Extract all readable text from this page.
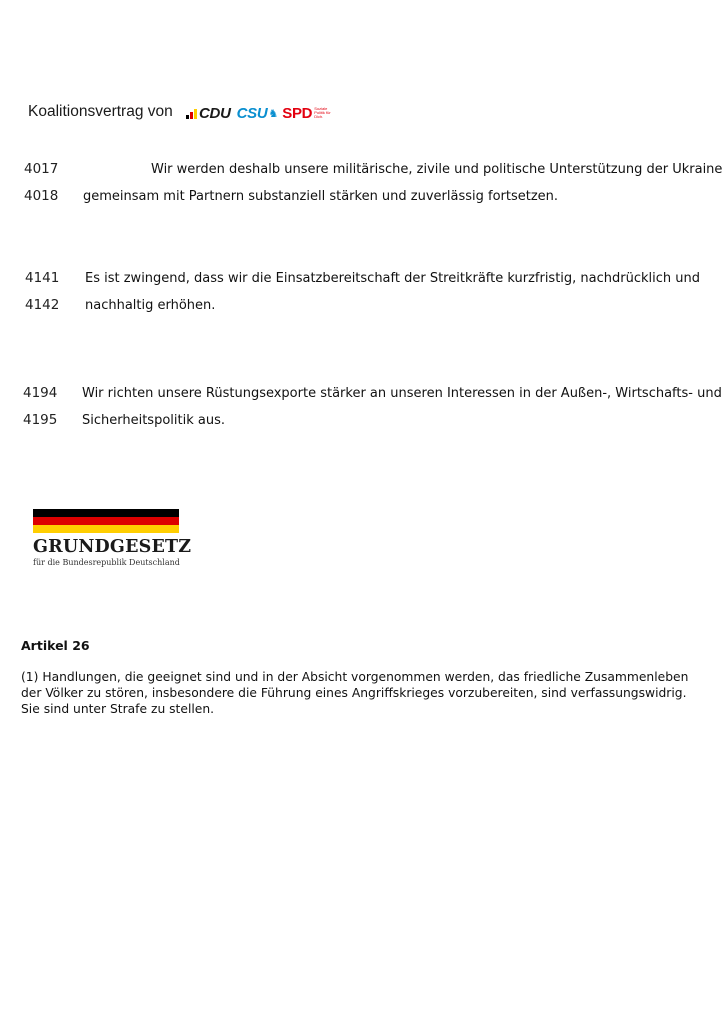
Koalitionsvertrag von CDU CSU ♞ SPD Soziale Politik für Dich.
4017	Wir werden deshalb unsere militärische, zivile und politische Unterstützung der Ukraine
4018 gemeinsam mit Partnern substanziell stärken und zuverlässig fortsetzen.
4141 Es ist zwingend, dass wir die Einsatzbereitschaft der Streitkräfte kurzfristig, nachdrücklich und
4142 nachhaltig erhöhen.
4194 Wir richten unsere Rüstungsexporte stärker an unseren Interessen in der Außen-, Wirtschafts- und
4195 Sicherheitspolitik aus.
GRUNDGESETZ
für die Bundesrepublik Deutschland
Artikel 26
(1) Handlungen, die geeignet sind und in der Absicht vorgenommen werden, das friedliche Zusammenleben der Völker zu stören, insbesondere die Führung eines Angriffskrieges vorzubereiten, sind verfassungswidrig. Sie sind unter Strafe zu stellen.
